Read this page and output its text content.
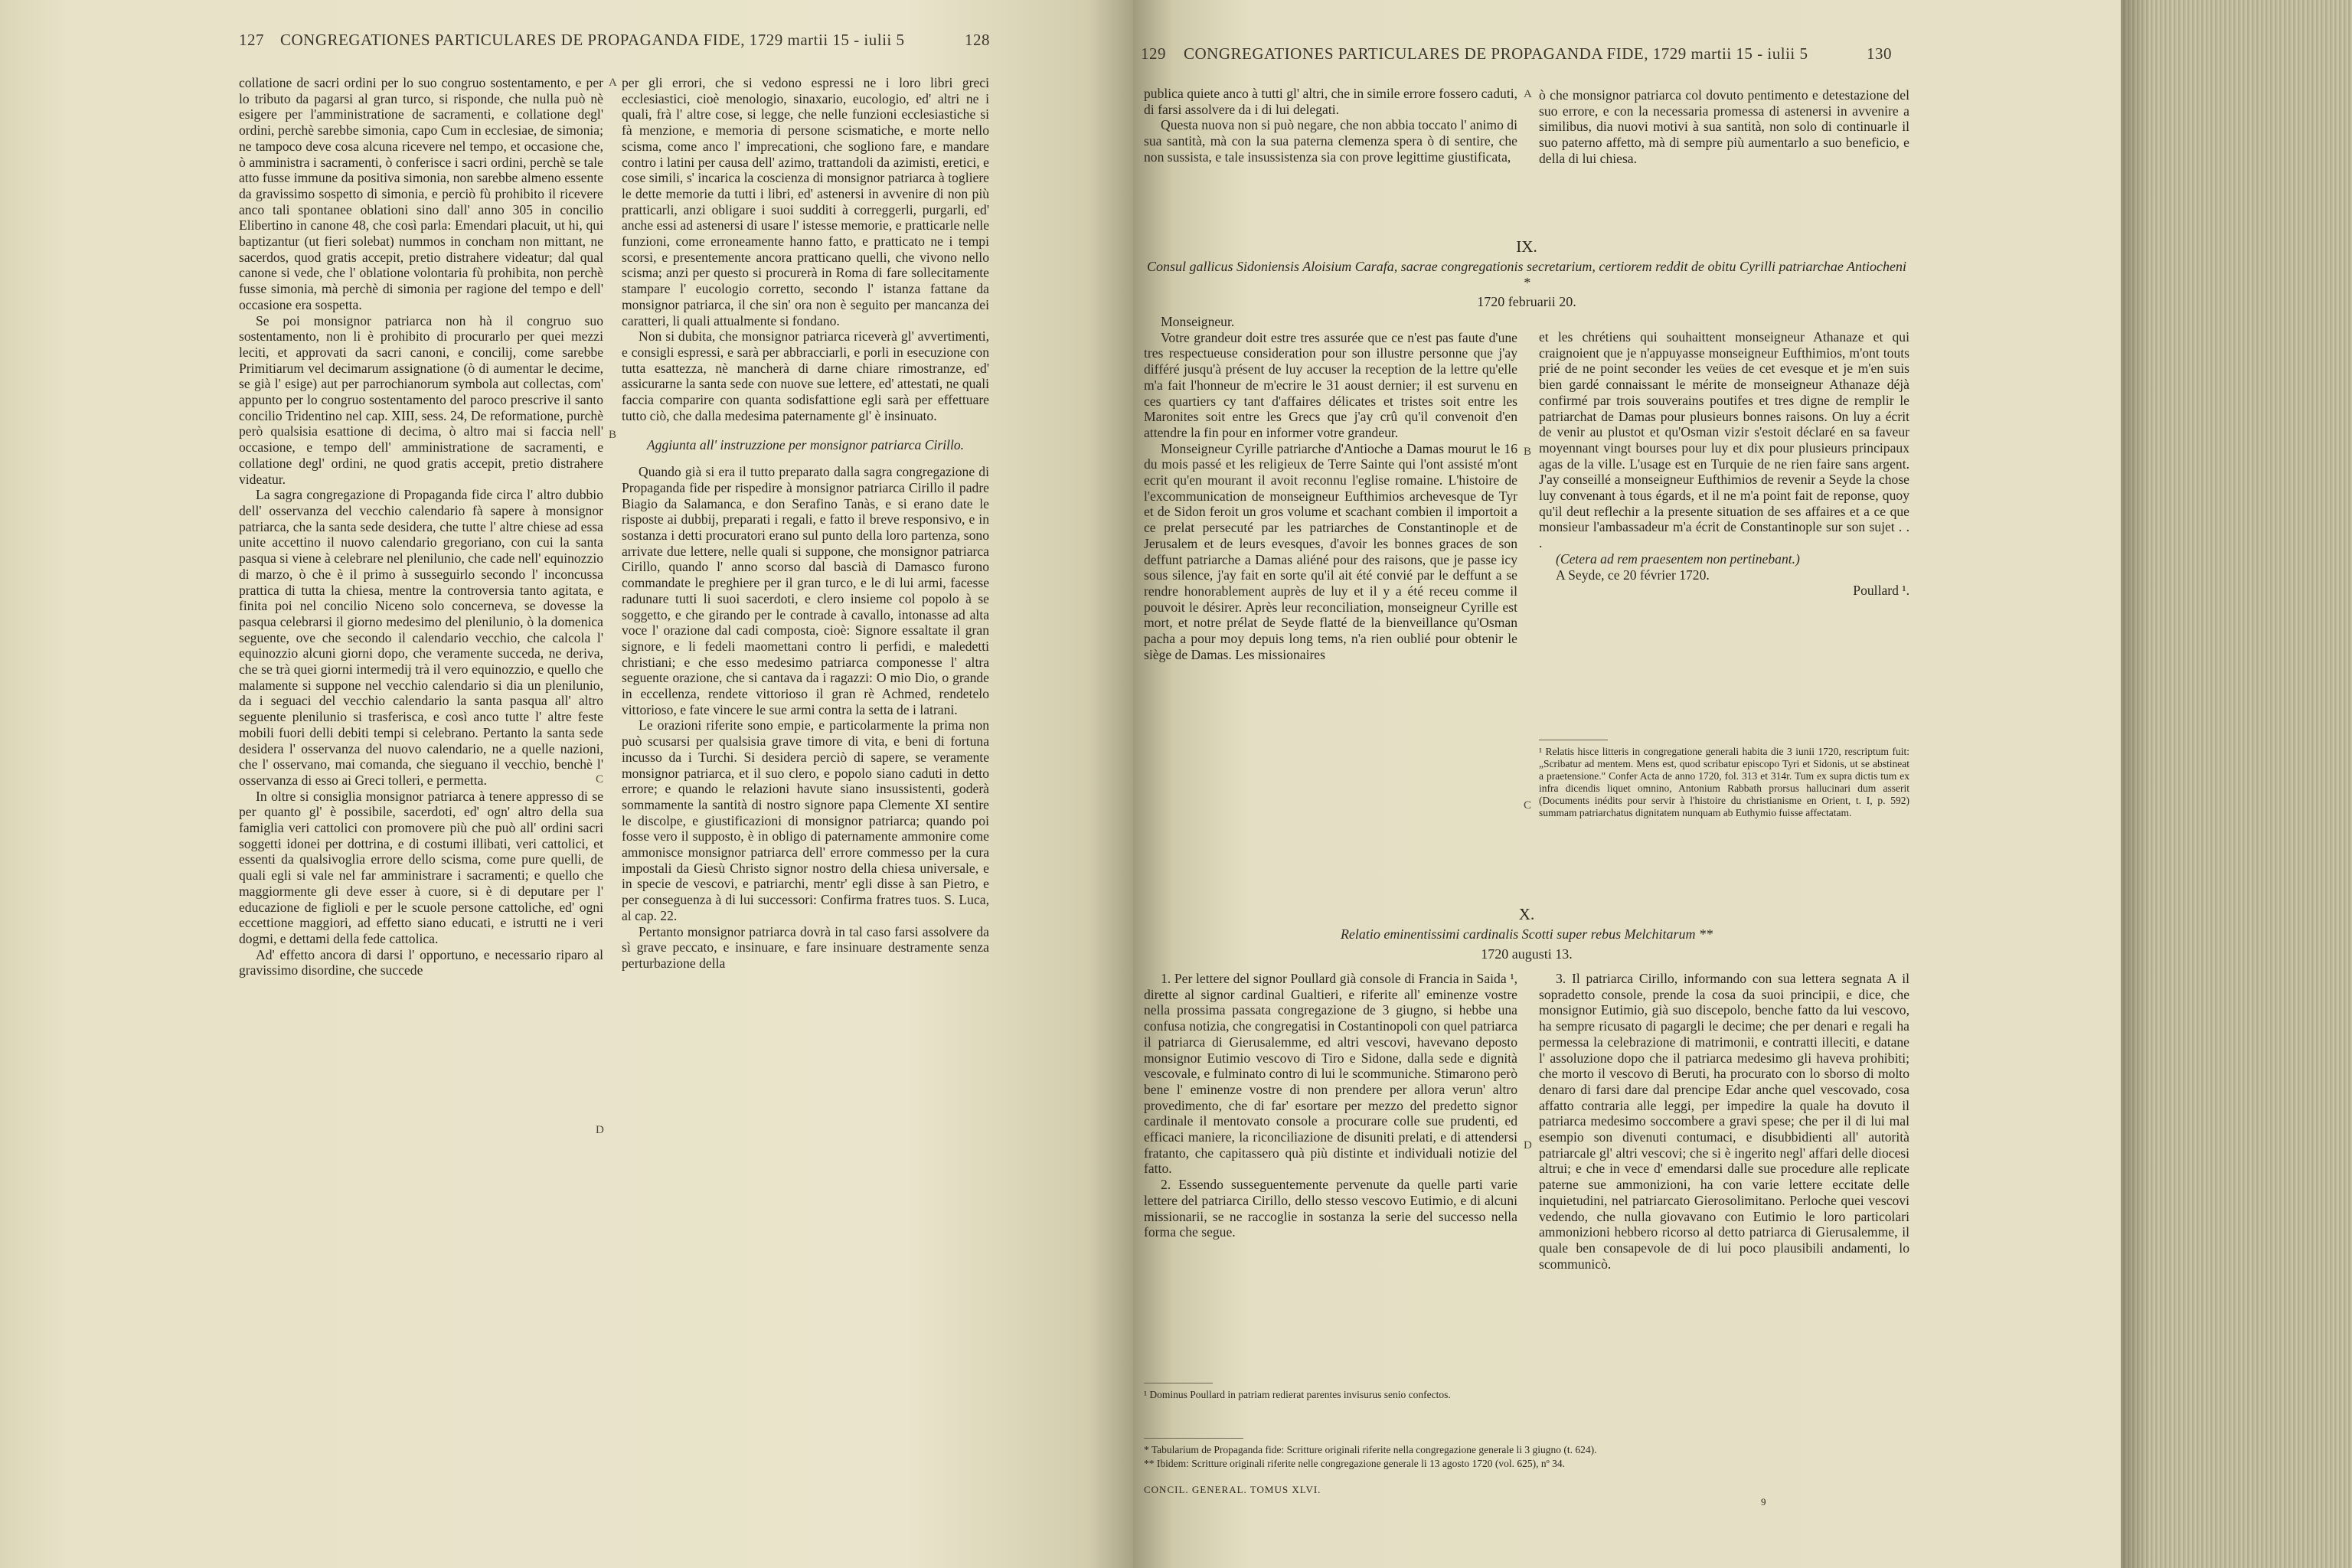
127 CONGREGATIONES PARTICULARES DE PROPAGANDA FIDE, 1729 martii 15 - iulii 5	128

collatione de sacri ordini per lo suo congruo sostentamento, e per lo tributo da pagarsi al gran turco, si risponde, che nulla può nè esigere per l'amministratione de sacramenti, e collatione degl' ordini, perchè sarebbe simonia, capo Cum in ecclesiae, de simonia; ne tampoco deve cosa alcuna ricevere nel tempo, et occasione che, ò amministra i sacramenti, ò conferisce i sacri ordini, perchè se tale atto fusse immune da positiva simonia, non sarebbe almeno essente da gravissimo sospetto di simonia, e perciò fù prohibito il ricevere anco tali spontanee oblationi sino dall' anno 305 in concilio Elibertino in canone 48, che così parla: Emendari placuit, ut hi, qui baptizantur (ut fieri solebat) nummos in concham non mittant, ne sacerdos, quod gratis accepit, pretio distrahere videatur; dal qual canone si vede, che l' oblatione volontaria fù prohibita, non perchè fusse simonia, mà perchè di simonia per ragione del tempo e dell' occasione era sospetta.

Se poi monsignor patriarca non hà il congruo suo sostentamento, non li è prohibito di procurarlo per quei mezzi leciti, et approvati da sacri canoni, e concilij, come sarebbe Primitiarum vel decimarum assignatione (ò di aumentar le decime, se già l' esige) aut per parrochianorum symbola aut collectas, com' appunto per lo congruo sostentamento del paroco prescrive il santo concilio Tridentino nel cap. XIII, sess. 24, De reformatione, purchè però qualsisia esattione di decima, ò altro mai si faccia nell' occasione, e tempo dell' amministratione de sacramenti, e collatione degl' ordini, ne quod gratis accepit, pretio distrahere videatur.

La sagra congregazione di Propaganda fide circa l' altro dubbio dell' osservanza del vecchio calendario fà sapere à monsignor patriarca, che la santa sede desidera, che tutte l' altre chiese ad essa unite accettino il nuovo calendario gregoriano, con cui la santa pasqua si viene à celebrare nel plenilunio, che cade nell' equinozzio di marzo, ò che è il primo à susseguirlo secondo l' inconcussa prattica di tutta la chiesa, mentre la controversia tanto agitata, e finita poi nel concilio Niceno solo concerneva, se dovesse la pasqua celebrarsi il giorno medesimo del plenilunio, ò la domenica seguente, ove che secondo il calendario vecchio, che calcola l' equinozzio alcuni giorni dopo, che veramente succeda, ne deriva, che se trà quei giorni intermedij trà il vero equinozzio, e quello che malamente si suppone nel vecchio calendario si dia un plenilunio, da i seguaci del vecchio calendario la santa pasqua all' altro seguente plenilunio si trasferisca, e così anco tutte l' altre feste mobili fuori delli debiti tempi si celebrano. Pertanto la santa sede desidera l' osservanza del nuovo calendario, ne a quelle nazioni, che l' osservano, mai comanda, che sieguano il vecchio, benchè l' osservanza di esso ai Greci tolleri, e permetta.

In oltre si consiglia monsignor patriarca à tenere appresso di se per quanto gl' è possibile, sacerdoti, ed' ogn' altro della sua famiglia veri cattolici con promovere più che può all' ordini sacri soggetti idonei per dottrina, e di costumi illibati, veri cattolici, et essenti da qualsivoglia errore dello scisma, come pure quelli, de quali egli si vale nel far amministrare i sacramenti; e quello che maggiormente gli deve esser à cuore, si è di deputare per l' educazione de figlioli e per le scuole persone cattoliche, ed' ogni eccettione maggiori, ad effetto siano educati, e istrutti ne i veri dogmi, e dettami della fede cattolica.

Ad' effetto ancora di darsi l' opportuno, e necessario riparo al gravissimo disordine, che succede

A
B
C
D

per gli errori, che si vedono espressi ne i loro libri greci ecclesiastici, cioè menologio, sinaxario, eucologio, ed' altri ne i quali, frà l' altre cose, si legge, che nelle funzioni ecclesiastiche si fà menzione, e memoria di persone scismatiche, e morte nello scisma, come anco l' imprecationi, che sogliono fare, e mandare contro i latini per causa dell' azimo, trattandoli da azimisti, eretici, e cose simili, s' incarica la coscienza di monsignor patriarca à togliere le dette memorie da tutti i libri, ed' astenersi in avvenire di non più pratticarli, anzi obligare i suoi sudditi à correggerli, purgarli, ed' anche essi ad astenersi di usare l' istesse memorie, e pratticarle nelle funzioni, come erroneamente hanno fatto, e pratticato ne i tempi scorsi, e presentemente ancora pratticano quelli, che vivono nello scisma; anzi per questo si procurerà in Roma di fare sollecitamente stampare l' eucologio corretto, secondo l' istanza fattane da monsignor patriarca, il che sin' ora non è seguito per mancanza dei caratteri, li quali attualmente si fondano.

Non si dubita, che monsignor patriarca riceverà gl' avvertimenti, e consigli espressi, e sarà per abbracciarli, e porli in esecuzione con tutta esattezza, nè mancherà di darne chiare rimostranze, ed' assicurarne la santa sede con nuove sue lettere, ed' attestati, ne quali faccia comparire con quanta sodisfattione egli sarà per effettuare tutto ciò, che dalla medesima paternamente gl' è insinuato.

Aggiunta all' instruzzione per monsignor patriarca Cirillo.

Quando già si era il tutto preparato dalla sagra congregazione di Propaganda fide per rispedire à monsignor patriarca Cirillo il padre Biagio da Salamanca, e don Serafino Tanàs, e si erano date le risposte ai dubbij, preparati i regali, e fatto il breve responsivo, e in sostanza i detti procuratori erano sul punto della loro partenza, sono arrivate due lettere, nelle quali si suppone, che monsignor patriarca Cirillo, quando l' anno scorso dal bascià di Damasco furono commandate le preghiere per il gran turco, e le di lui armi, facesse radunare tutti li suoi sacerdoti, e clero insieme col popolo à se soggetto, e che girando per le contrade à cavallo, intonasse ad alta voce l' orazione dal cadi composta, cioè: Signore essaltate il gran signore, e li fedeli maomettani contro li perfidi, e maledetti christiani; e che esso medesimo patriarca componesse l' altra seguente orazione, che si cantava da i ragazzi: O mio Dio, o grande in eccellenza, rendete vittorioso il gran rè Achmed, rendetelo vittorioso, e fate vincere le sue armi contra la setta de i latrani.

Le orazioni riferite sono empie, e particolarmente la prima non può scusarsi per qualsisia grave timore di vita, e beni di fortuna incusso da i Turchi. Si desidera perciò di sapere, se veramente monsignor patriarca, et il suo clero, e popolo siano caduti in detto errore; e quando le relazioni havute siano insussistenti, goderà sommamente la santità di nostro signore papa Clemente XI sentire le discolpe, e giustificazioni di monsignor patriarca; quando poi fosse vero il supposto, è in obligo di paternamente ammonire come ammonisce monsignor patriarca dell' errore commesso per la cura impostali da Giesù Christo signor nostro della chiesa universale, e in specie de vescovi, e patriarchi, mentr' egli disse à san Pietro, e per conseguenza à di lui successori: Confirma fratres tuos. S. Luca, al cap. 22.

Pertanto monsignor patriarca dovrà in tal caso farsi assolvere da sì grave peccato, e insinuare, e fare insinuare destramente senza perturbazione della

129 CONGREGATIONES PARTICULARES DE PROPAGANDA FIDE, 1729 martii 15 - iulii 5	130

publica quiete anco à tutti gl' altri, che in simile errore fossero caduti, di farsi assolvere da i di lui delegati.

Questa nuova non si può negare, che non abbia toccato l' animo di sua santità, mà con la sua paterna clemenza spera ò di sentire, che non sussista, e tale insussistenza sia con prove legittime giustificata,

A ò che monsignor patriarca col dovuto pentimento e detestazione del suo errore, e con la necessaria promessa di astenersi in avvenire a similibus, dia nuovi motivi à sua santità, non solo di continuarle il suo paterno affetto, mà di sempre più aumentarlo a suo beneficio, e della di lui chiesa.

IX.
Consul gallicus Sidoniensis Aloisium Carafa, sacrae congregationis secretarium, certiorem reddit de obitu Cyrilli patriarchae Antiocheni *
1720 februarii 20.

Monseigneur.

Votre grandeur doit estre tres assurée que ce n'est pas faute d'une tres respectueuse consideration pour son illustre personne que j'ay différé jusqu'à présent de luy accuser la reception de la lettre qu'elle m'a fait l'honneur de m'ecrire le 31 aoust dernier; il est survenu en ces quartiers cy tant d'affaires délicates et tristes soit entre les Maronites soit entre les Grecs que j'ay crû qu'il convenoit d'en attendre la fin pour en informer votre grandeur.

Monseigneur Cyrille patriarche d'Antioche a Damas mourut le 16 du mois passé et les religieux de Terre Sainte qui l'ont assisté m'ont ecrit qu'en mourant il avoit reconnu l'eglise romaine. L'histoire de l'excommunication de monseigneur Eufthimios archevesque de Tyr et de Sidon feroit un gros volume et scachant combien il importoit a ce prelat persecuté par les patriarches de Constantinople et de Jerusalem et de leurs evesques, d'avoir les bonnes graces de son deffunt patriarche a Damas aliéné pour des raisons, que je passe icy sous silence, j'ay fait en sorte qu'il ait été convié par le deffunt a se rendre honorablement auprès de luy et il y a été receu comme il pouvoit le désirer. Après leur reconciliation, monseigneur Cyrille est mort, et notre prélat de Seyde flatté de la bienveillance qu'Osman pacha a pour moy depuis long tems, n'a rien oublié pour obtenir le siège de Damas. Les missionaires

B
C

et les chrétiens qui souhaittent monseigneur Athanaze et qui craignoient que je n'appuyasse monseigneur Eufthimios, m'ont touts prié de ne point seconder les veües de cet evesque et je m'en suis bien gardé connaissant le mérite de monseigneur Athanaze déjà confirmé par trois souverains poutifes et tres digne de remplir le patriarchat de Damas pour plusieurs bonnes raisons. On luy a écrit de venir au plustot et qu'Osman vizir s'estoit déclaré en sa faveur moyennant vingt bourses pour luy et dix pour plusieurs principaux agas de la ville. L'usage est en Turquie de ne rien faire sans argent. J'ay conseillé a monseigneur Eufthimios de revenir a Seyde la chose luy convenant à tous égards, et il ne m'a point fait de reponse, quoy qu'il deut reflechir a la presente situation de ses affaires et a ce que monsieur l'ambassadeur m'a écrit de Constantinople sur son sujet . . .

(Cetera ad rem praesentem non pertinebant.)

A Seyde, ce 20 février 1720.

Poullard ¹.

¹ Relatis hisce litteris in congregatione generali habita die 3 iunii 1720, rescriptum fuit: „Scribatur ad mentem. Mens est, quod scribatur episcopo Tyri et Sidonis, ut se abstineat a praetensione." Confer Acta de anno 1720, fol. 313 et 314r. Tum ex supra dictis tum ex infra dicendis liquet omnino, Antonium Rabbath prorsus hallucinari dum asserit (Documents inédits pour servir à l'histoire du christianisme en Orient, t. I, p. 592) summam patriarchatus dignitatem nunquam ab Euthymio fuisse affectatam.
X.
Relatio eminentissimi cardinalis Scotti super rebus Melchitarum **
1720 augusti 13.

1. Per lettere del signor Poullard già console di Francia in Saida ¹, dirette al signor cardinal Gualtieri, e riferite all' eminenze vostre nella prossima passata congregazione de 3 giugno, si hebbe una confusa notizia, che congregatisi in Costantinopoli con quel patriarca il patriarca di Gierusalemme, ed altri vescovi, havevano deposto monsignor Eutimio vescovo di Tiro e Sidone, dalla sede e dignità vescovale, e fulminato contro di lui le scommuniche. Stimarono però bene l' eminenze vostre di non prendere per allora verun' altro provedimento, che di far' esortare per mezzo del predetto signor cardinale il mentovato console a procurare colle sue prudenti, ed efficaci maniere, la riconciliazione de disuniti prelati, e di attendersi fratanto, che capitassero quà più distinte et individuali notizie del fatto.

2. Essendo susseguentemente pervenute da quelle parti varie lettere del patriarca Cirillo, dello stesso vescovo Eutimio, e di alcuni missionarii, se ne raccoglie in sostanza la serie del successo nella forma che segue.

D
¹ Dominus Poullard in patriam redierat parentes invisurus senio confectos.

3. Il patriarca Cirillo, informando con sua lettera segnata A il sopradetto console, prende la cosa da suoi principii, e dice, che monsignor Eutimio, già suo discepolo, benche fatto da lui vescovo, ha sempre ricusato di pagargli le decime; che per denari e regali ha permessa la celebrazione di matrimonii, e contratti illeciti, e datane l' assoluzione dopo che il patriarca medesimo gli haveva prohibiti; che morto il vescovo di Beruti, ha procurato con lo sborso di molto denaro di farsi dare dal prencipe Edar anche quel vescovado, cosa affatto contraria alle leggi, per impedire la quale ha dovuto il patriarca medesimo soccombere a gravi spese; che per il di lui mal esempio son divenuti contumaci, e disubbidienti all' autorità patriarcale gl' altri vescovi; che si è ingerito negl' affari delle diocesi altrui; e che in vece d' emendarsi dalle sue procedure alle replicate paterne sue ammonizioni, ha con varie lettere eccitate delle inquietudini, nel patriarcato Gierosolimitano. Perloche quei vescovi vedendo, che nulla giovavano con Eutimio le loro particolari ammonizioni hebbero ricorso al detto patriarca di Gierusalemme, il quale ben consapevole de di lui poco plausibili andamenti, lo scommunicò.

* Tabularium de Propaganda fide: Scritture originali riferite nella congregazione generale li 3 giugno (t. 624).
** Ibidem: Scritture originali riferite nelle congregazione generale li 13 agosto 1720 (vol. 625), nº 34.
CONCIL. GENERAL. TOMUS XLVI.
9
